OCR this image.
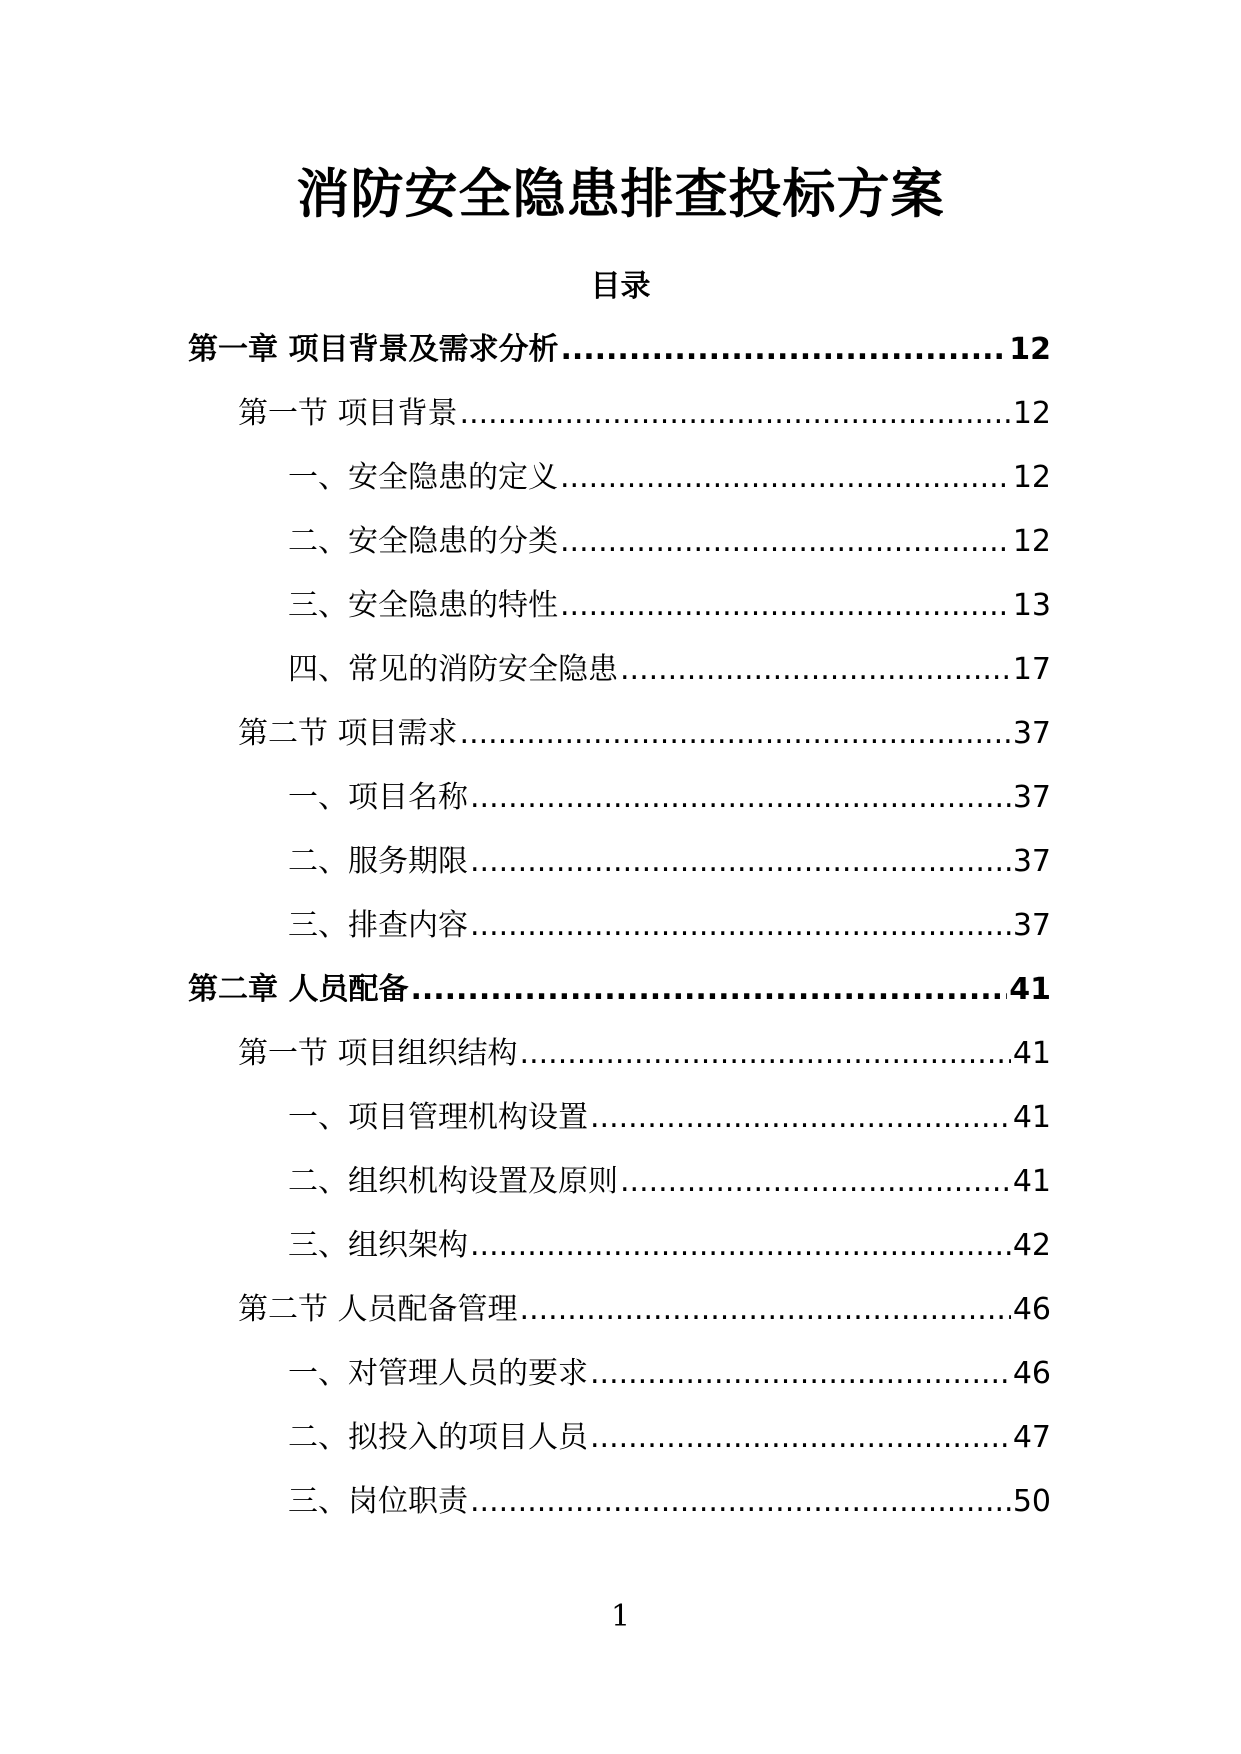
消防安全隐患排查投标方案
目录
第一章 项目背景及需求分析 .....	12
第一节 项目背景 .....	12
一、安全隐患的定义 .....	12
二、安全隐患的分类 .....	12
三、安全隐患的特性 .....	13
四、常见的消防安全隐患 .....	17
第二节 项目需求 .....	37
一、项目名称 .....	37
二、服务期限 .....	37
三、排查内容 .....	37
第二章 人员配备 .....	41
第一节 项目组织结构 .....	41
一、项目管理机构设置 .....	41
二、组织机构设置及原则 .....	41
三、组织架构 .....	42
第二节 人员配备管理 .....	46
一、对管理人员的要求 .....	46
二、拟投入的项目人员 .....	47
三、岗位职责 .....	50
1
